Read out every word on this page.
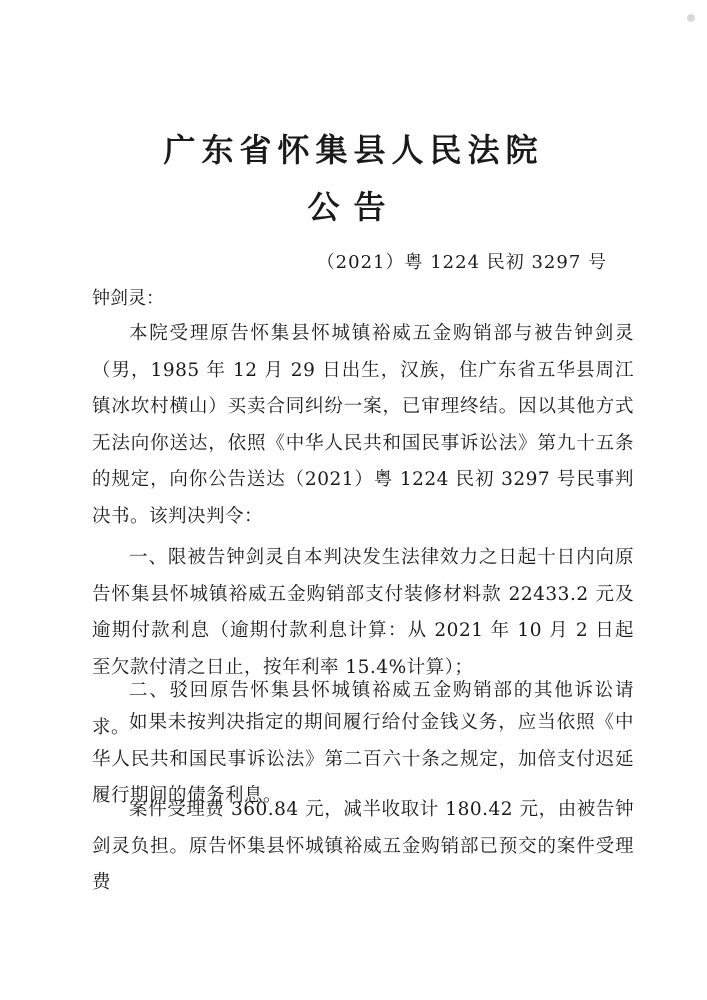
广东省怀集县人民法院
公告
（2021）粤 1224 民初 3297 号
钟剑灵：

本院受理原告怀集县怀城镇裕威五金购销部与被告钟剑灵（男，1985 年 12 月 29 日出生，汉族，住广东省五华县周江镇冰坎村横山）买卖合同纠纷一案，已审理终结。因以其他方式无法向你送达，依照《中华人民共和国民事诉讼法》第九十五条的规定，向你公告送达（2021）粤 1224 民初 3297 号民事判决书。该判决判令：

一、限被告钟剑灵自本判决发生法律效力之日起十日内向原告怀集县怀城镇裕威五金购销部支付装修材料款 22433.2 元及逾期付款利息（逾期付款利息计算：从 2021 年 10 月 2 日起至欠款付清之日止，按年利率 15.4%计算）；

二、驳回原告怀集县怀城镇裕威五金购销部的其他诉讼请求。

如果未按判决指定的期间履行给付金钱义务，应当依照《中华人民共和国民事诉讼法》第二百六十条之规定，加倍支付迟延履行期间的债务利息。

案件受理费 360.84 元，减半收取计 180.42 元，由被告钟剑灵负担。原告怀集县怀城镇裕威五金购销部已预交的案件受理费
